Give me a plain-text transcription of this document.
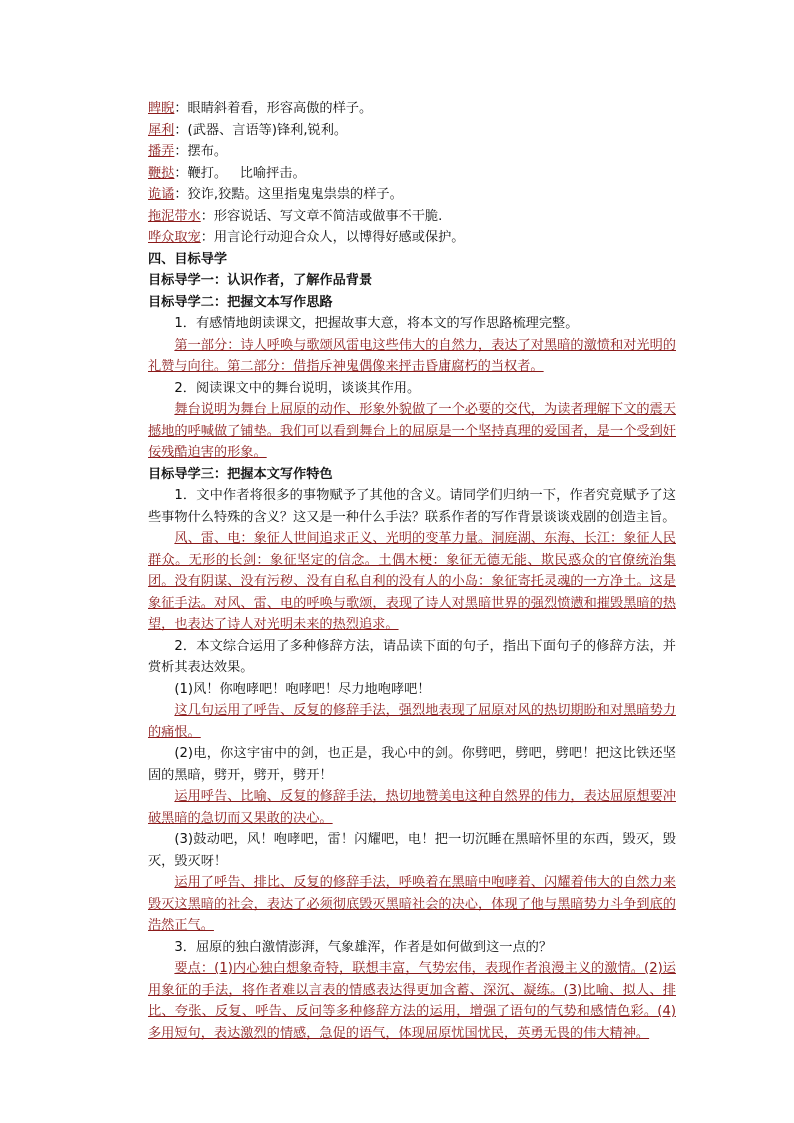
睥睨：眼睛斜着看，形容高傲的样子。

犀利：(武器、言语等)锋利,锐利。

播弄：摆布。

鞭挞：鞭打。   比喻抨击。

诡谲：狡诈,狡黠。这里指鬼鬼祟祟的样子。

拖泥带水：形容说话、写文章不简洁或做事不干脆.

哗众取宠：用言论行动迎合众人，以博得好感或保护。

四、目标导学

目标导学一：认识作者，了解作品背景

目标导学二：把握文本写作思路

1．有感情地朗读课文，把握故事大意，将本文的写作思路梳理完整。

第一部分：诗人呼唤与歌颂风雷电这些伟大的自然力，表达了对黑暗的激愤和对光明的礼赞与向往。第二部分：借指斥神鬼偶像来抨击昏庸腐朽的当权者。

2．阅读课文中的舞台说明，谈谈其作用。

舞台说明为舞台上屈原的动作、形象外貌做了一个必要的交代，为读者理解下文的震天撼地的呼喊做了铺垫。我们可以看到舞台上的屈原是一个坚持真理的爱国者，是一个受到奸佞残酷迫害的形象。

目标导学三：把握本文写作特色

1．文中作者将很多的事物赋予了其他的含义。请同学们归纳一下，作者究竟赋予了这些事物什么特殊的含义？这又是一种什么手法？联系作者的写作背景谈谈戏剧的创造主旨。

风、雷、电：象征人世间追求正义、光明的变革力量。洞庭湖、东海、长江：象征人民群众。无形的长剑：象征坚定的信念。土偶木梗：象征无德无能、欺民惑众的官僚统治集团。没有阴谋、没有污秽、没有自私自利的没有人的小岛：象征寄托灵魂的一方净土。这是象征手法。对风、雷、电的呼唤与歌颂，表现了诗人对黑暗世界的强烈愤懑和摧毁黑暗的热望，也表达了诗人对光明未来的热烈追求。

2．本文综合运用了多种修辞方法，请品读下面的句子，指出下面句子的修辞方法，并赏析其表达效果。

(1)风！你咆哮吧！咆哮吧！尽力地咆哮吧！

这几句运用了呼告、反复的修辞手法，强烈地表现了屈原对风的热切期盼和对黑暗势力的痛恨。

(2)电，你这宇宙中的剑，也正是，我心中的剑。你劈吧，劈吧，劈吧！把这比铁还坚固的黑暗，劈开，劈开，劈开！

运用呼告、比喻、反复的修辞手法，热切地赞美电这种自然界的伟力，表达屈原想要冲破黑暗的急切而又果敢的决心。

(3)鼓动吧，风！咆哮吧，雷！闪耀吧，电！把一切沉睡在黑暗怀里的东西，毁灭，毁灭，毁灭呀！

运用了呼告、排比、反复的修辞手法，呼唤着在黑暗中咆哮着、闪耀着伟大的自然力来毁灭这黑暗的社会，表达了必须彻底毁灭黑暗社会的决心，体现了他与黑暗势力斗争到底的浩然正气。

3．屈原的独白激情澎湃，气象雄浑，作者是如何做到这一点的？

要点：(1)内心独白想象奇特，联想丰富，气势宏伟，表现作者浪漫主义的激情。(2)运用象征的手法，将作者难以言表的情感表达得更加含蓄、深沉、凝练。(3)比喻、拟人、排比、夸张、反复、呼告、反问等多种修辞方法的运用，增强了语句的气势和感情色彩。(4)多用短句，表达激烈的情感，急促的语气，体现屈原忧国忧民，英勇无畏的伟大精神。
